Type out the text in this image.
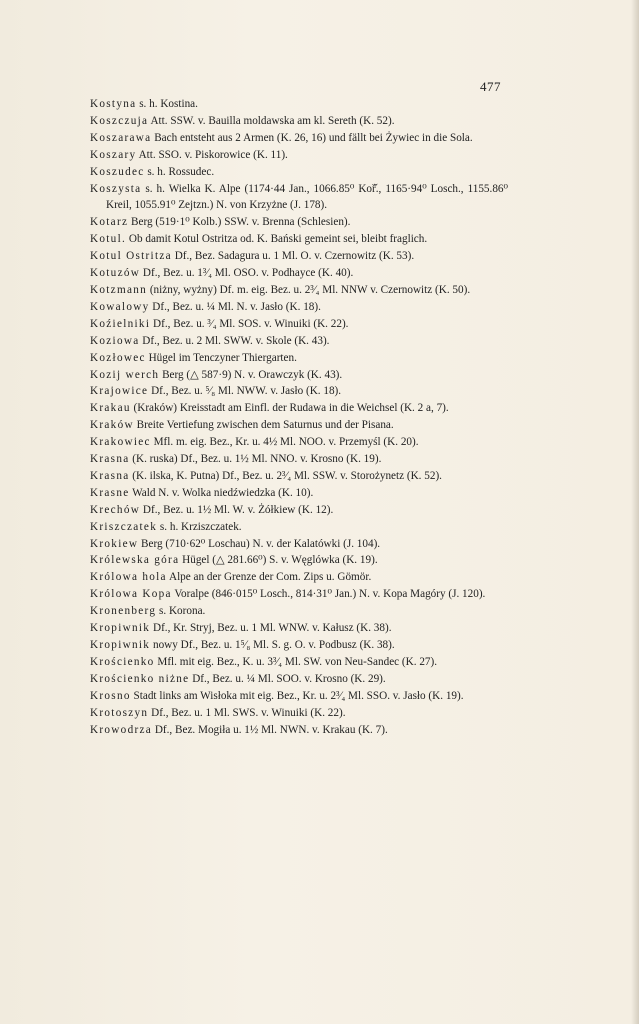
477
Kostyna s. h. Kostina.
Koszczuja Att. SSW. v. Bauilla moldawska am kl. Sereth (K. 52).
Koszarawa Bach entsteht aus 2 Armen (K. 26, 16) und fällt bei Żywiec in die Sola.
Koszary Att. SSO. v. Piskorowice (K. 11).
Koszudec s. h. Rossudec.
Koszysta s. h. Wielka K. Alpe (1174·44 Jan., 1066.85⁰ Koř̌., 1165·94⁰ Losch., 1155.86⁰ Kreil, 1055.91⁰ Zejtzn.) N. von Krzyżne (J. 178).
Kotarz Berg (519·1⁰ Kolb.) SSW. v. Brenna (Schlesien).
Kotul. Ob damit Kotul Ostritza od. K. Bański gemeint sei, bleibt fraglich.
Kotul Ostritza Df., Bez. Sadagura u. 1 Ml. O. v. Czernowitz (K. 53).
Kotuzów Df., Bez. u. 1³⁄₄ Ml. OSO. v. Podhayce (K. 40).
Kotzmann (niżny, wyżny) Df. m. eig. Bez. u. 2³⁄₄ Ml. NNW v. Czernowitz (K. 50).
Kowalowy Df., Bez. u. ¼ Ml. N. v. Jasło (K. 18).
Koźielniki Df., Bez. u. ³⁄₄ Ml. SOS. v. Winuiki (K. 22).
Koziowa Df., Bez. u. 2 Ml. SWW. v. Skole (K. 43).
Kozłowec Hügel im Tenczyner Thiergarten.
Kozij werch Berg (△ 587·9) N. v. Orawczyk (K. 43).
Krajowice Df., Bez. u. ⁵⁄₈ Ml. NWW. v. Jasło (K. 18).
Krakau (Kraków) Kreisstadt am Einfl. der Rudawa in die Weichsel (K. 2 a, 7).
Kraków Breite Vertiefung zwischen dem Saturnus und der Pisana.
Krakowiec Mfl. m. eig. Bez., Kr. u. 4½ Ml. NOO. v. Przemyśl (K. 20).
Krasna (K. ruska) Df., Bez. u. 1½ Ml. NNO. v. Krosno (K. 19).
Krasna (K. ilska, K. Putna) Df., Bez. u. 2³⁄₄ Ml. SSW. v. Storożynetz (K. 52).
Krasne Wald N. v. Wolka niedźwiedzka (K. 10).
Krechów Df., Bez. u. 1½ Ml. W. v. Żółkiew (K. 12).
Kriszczatek s. h. Krziszczatek.
Krokiew Berg (710·62⁰ Loschau) N. v. der Kalatówki (J. 104).
Królewska góra Hügel (△ 281.66⁰) S. v. Węglówka (K. 19).
Królowa hola Alpe an der Grenze der Com. Zips u. Gömör.
Królowa Kopa Voralpe (846·015⁰ Losch., 814·31⁰ Jan.) N. v. Kopa Magóry (J. 120).
Kronenberg s. Korona.
Kropiwnik Df., Kr. Stryj, Bez. u. 1 Ml. WNW. v. Kałusz (K. 38).
Kropiwnik nowy Df., Bez. u. 1⁵⁄₈ Ml. S. g. O. v. Podbusz (K. 38).
Krościenko Mfl. mit eig. Bez., K. u. 3³⁄₄ Ml. SW. von Neu-Sandec (K. 27).
Krościenko niżne Df., Bez. u. ¼ Ml. SOO. v. Krosno (K. 29).
Krosno Stadt links am Wisłoka mit eig. Bez., Kr. u. 2³⁄₄ Ml. SSO. v. Jasło (K. 19).
Krotoszyn Df., Bez. u. 1 Ml. SWS. v. Winuiki (K. 22).
Krowodrza Df., Bez. Mogiła u. 1½ Ml. NWN. v. Krakau (K. 7).
